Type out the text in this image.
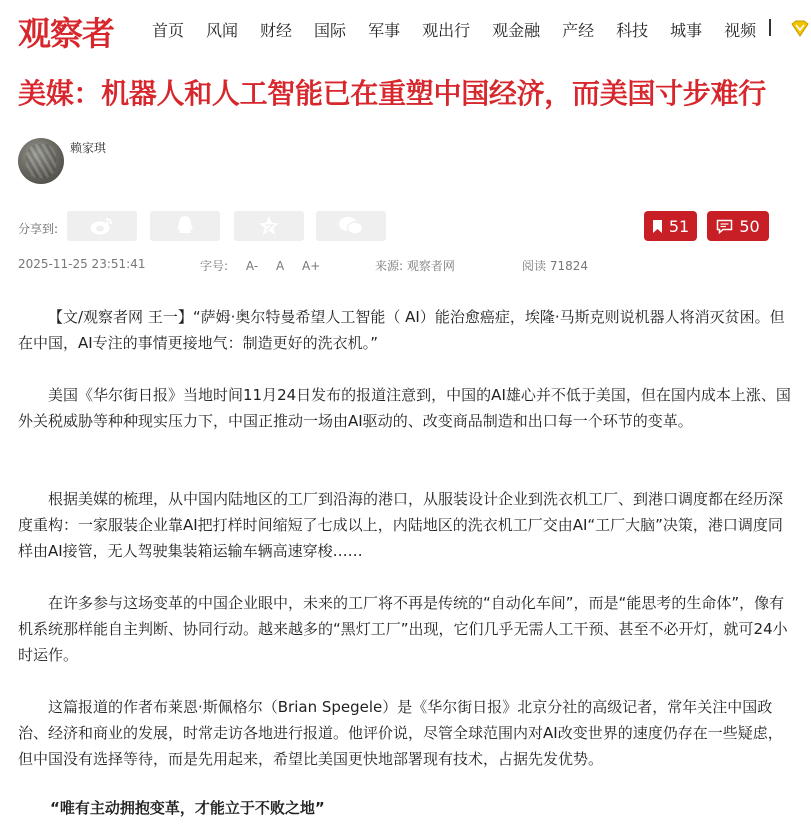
观察者 首页 风闻 财经 国际 军事 观出行 观金融 产经 科技 城事 视频
美媒：机器人和人工智能已在重塑中国经济，而美国寸步难行
赖家琪
分享到:	51	50
2025-11-25 23:51:41	字号: A- A A+	来源: 观察者网	阅读 71824

【文/观察者网 王一】“萨姆·奥尔特曼希望人工智能（ AI）能治愈癌症，埃隆·马斯克则说机器人将消灭贫困。但在中国，AI专注的事情更接地气：制造更好的洗衣机。”

美国《华尔街日报》当地时间11月24日发布的报道注意到，中国的AI雄心并不低于美国，但在国内成本上涨、国外关税威胁等种种现实压力下，中国正推动一场由AI驱动的、改变商品制造和出口每一个环节的变革。

根据美媒的梳理，从中国内陆地区的工厂到沿海的港口，从服装设计企业到洗衣机工厂、到港口调度都在经历深度重构：一家服装企业靠AI把打样时间缩短了七成以上，内陆地区的洗衣机工厂交由AI“工厂大脑”决策，港口调度同样由AI接管，无人驾驶集装箱运输车辆高速穿梭……

在许多参与这场变革的中国企业眼中，未来的工厂将不再是传统的“自动化车间”，而是“能思考的生命体”，像有机系统那样能自主判断、协同行动。越来越多的“黑灯工厂”出现，它们几乎无需人工干预、甚至不必开灯，就可24小时运作。

这篇报道的作者布莱恩·斯佩格尔（Brian Spegele）是《华尔街日报》北京分社的高级记者，常年关注中国政治、经济和商业的发展，时常走访各地进行报道。他评价说，尽管全球范围内对AI改变世界的速度仍存在一些疑虑，但中国没有选择等待，而是先用起来，希望比美国更快地部署现有技术，占据先发优势。

“唯有主动拥抱变革，才能立于不败之地”
